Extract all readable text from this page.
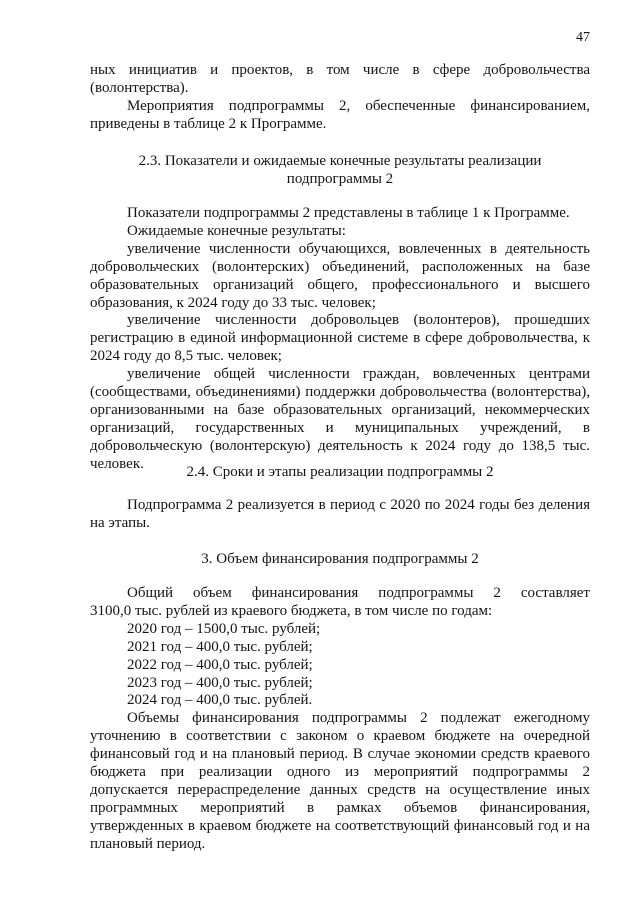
47

ных инициатив и проектов, в том числе в сфере добровольчества (волонтерства).

Мероприятия подпрограммы 2, обеспеченные финансированием, приведены в таблице 2 к Программе.

2.3. Показатели и ожидаемые конечные результаты реализации
подпрограммы 2

Показатели подпрограммы 2 представлены в таблице 1 к Программе.

Ожидаемые конечные результаты:

увеличение численности обучающихся, вовлеченных в деятельность добровольческих (волонтерских) объединений, расположенных на базе образовательных организаций общего, профессионального и высшего образования, к 2024 году до 33 тыс. человек;

увеличение численности добровольцев (волонтеров), прошедших регистрацию в единой информационной системе в сфере добровольчества, к 2024 году до 8,5 тыс. человек;

увеличение общей численности граждан, вовлеченных центрами (сообществами, объединениями) поддержки добровольчества (волонтерства), организованными на базе образовательных организаций, некоммерческих организаций, государственных и муниципальных учреждений, в добровольческую (волонтерскую) деятельность к 2024 году до 138,5 тыс. человек.

2.4. Сроки и этапы реализации подпрограммы 2

Подпрограмма 2 реализуется в период с 2020 по 2024 годы без деления на этапы.

3. Объем финансирования подпрограммы 2
Общий объем финансирования подпрограммы 2 составляет

3100,0 тыс. рублей из краевого бюджета, в том числе по годам:

2020 год – 1500,0 тыс. рублей;

2021 год – 400,0 тыс. рублей;

2022 год – 400,0 тыс. рублей;

2023 год – 400,0 тыс. рублей;

2024 год – 400,0 тыс. рублей.

Объемы финансирования подпрограммы 2 подлежат ежегодному уточнению в соответствии с законом о краевом бюджете на очередной финансовый год и на плановый период. В случае экономии средств краевого бюджета при реализации одного из мероприятий подпрограммы 2 допускается перераспределение данных средств на осуществление иных программных мероприятий в рамках объемов финансирования, утвержденных в краевом бюджете на соответствующий финансовый год и на плановый период.
